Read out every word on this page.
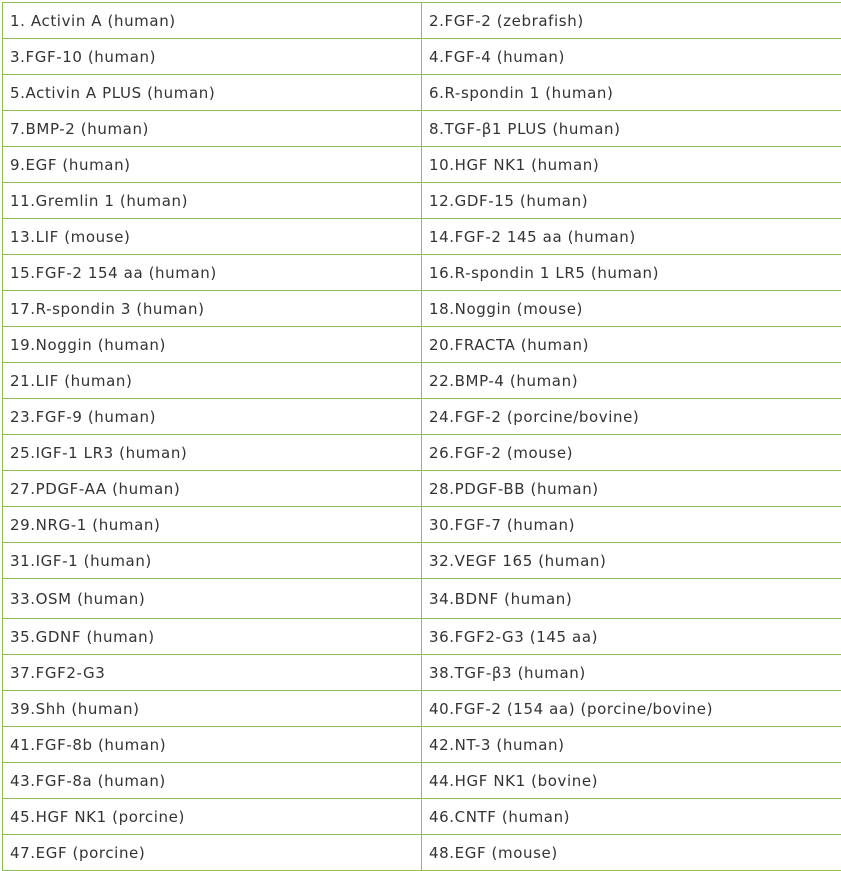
1. Activin A (human)	2.FGF-2 (zebrafish)
3.FGF-10 (human)	4.FGF-4 (human)
5.Activin A PLUS (human)	6.R-spondin 1 (human)
7.BMP-2 (human)	8.TGF-β1 PLUS (human)
9.EGF (human)	10.HGF NK1 (human)
11.Gremlin 1 (human)	12.GDF-15 (human)
13.LIF (mouse)	14.FGF-2 145 aa (human)
15.FGF-2 154 aa (human)	16.R-spondin 1 LR5 (human)
17.R-spondin 3 (human)	18.Noggin (mouse)
19.Noggin (human)	20.FRACTA (human)
21.LIF (human)	22.BMP-4 (human)
23.FGF-9 (human)	24.FGF-2 (porcine/bovine)
25.IGF-1 LR3 (human)	26.FGF-2 (mouse)
27.PDGF-AA (human)	28.PDGF-BB (human)
29.NRG-1 (human)	30.FGF-7 (human)
31.IGF-1 (human)	32.VEGF 165 (human)
33.OSM (human)	34.BDNF (human)
35.GDNF (human)	36.FGF2-G3 (145 aa)
37.FGF2-G3	38.TGF-β3 (human)
39.Shh (human)	40.FGF-2 (154 aa) (porcine/bovine)
41.FGF-8b (human)	42.NT-3 (human)
43.FGF-8a (human)	44.HGF NK1 (bovine)
45.HGF NK1 (porcine)	46.CNTF (human)
47.EGF (porcine)	48.EGF (mouse)
